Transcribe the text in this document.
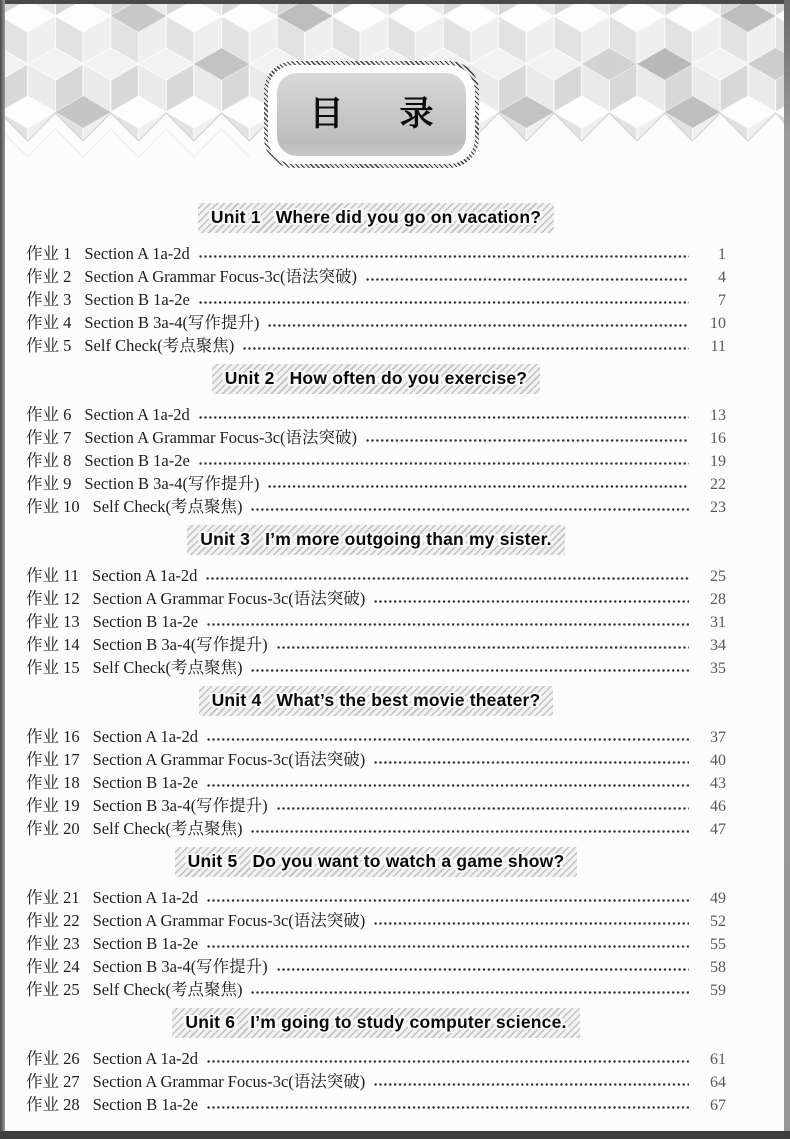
目 录
Unit 1 Where did you go on vacation?
作业 1 Section A 1a-2d	1
作业 2 Section A Grammar Focus-3c(语法突破)	4
作业 3 Section B 1a-2e	7
作业 4 Section B 3a-4(写作提升)	10
作业 5 Self Check(考点聚焦)	11
Unit 2 How often do you exercise?
作业 6 Section A 1a-2d	13
作业 7 Section A Grammar Focus-3c(语法突破)	16
作业 8 Section B 1a-2e	19
作业 9 Section B 3a-4(写作提升)	22
作业 10 Self Check(考点聚焦)	23
Unit 3 I’m more outgoing than my sister.
作业 11 Section A 1a-2d	25
作业 12 Section A Grammar Focus-3c(语法突破)	28
作业 13 Section B 1a-2e	31
作业 14 Section B 3a-4(写作提升)	34
作业 15 Self Check(考点聚焦)	35
Unit 4 What’s the best movie theater?
作业 16 Section A 1a-2d	37
作业 17 Section A Grammar Focus-3c(语法突破)	40
作业 18 Section B 1a-2e	43
作业 19 Section B 3a-4(写作提升)	46
作业 20 Self Check(考点聚焦)	47
Unit 5 Do you want to watch a game show?
作业 21 Section A 1a-2d	49
作业 22 Section A Grammar Focus-3c(语法突破)	52
作业 23 Section B 1a-2e	55
作业 24 Section B 3a-4(写作提升)	58
作业 25 Self Check(考点聚焦)	59
Unit 6 I’m going to study computer science.
作业 26 Section A 1a-2d	61
作业 27 Section A Grammar Focus-3c(语法突破)	64
作业 28 Section B 1a-2e	67
